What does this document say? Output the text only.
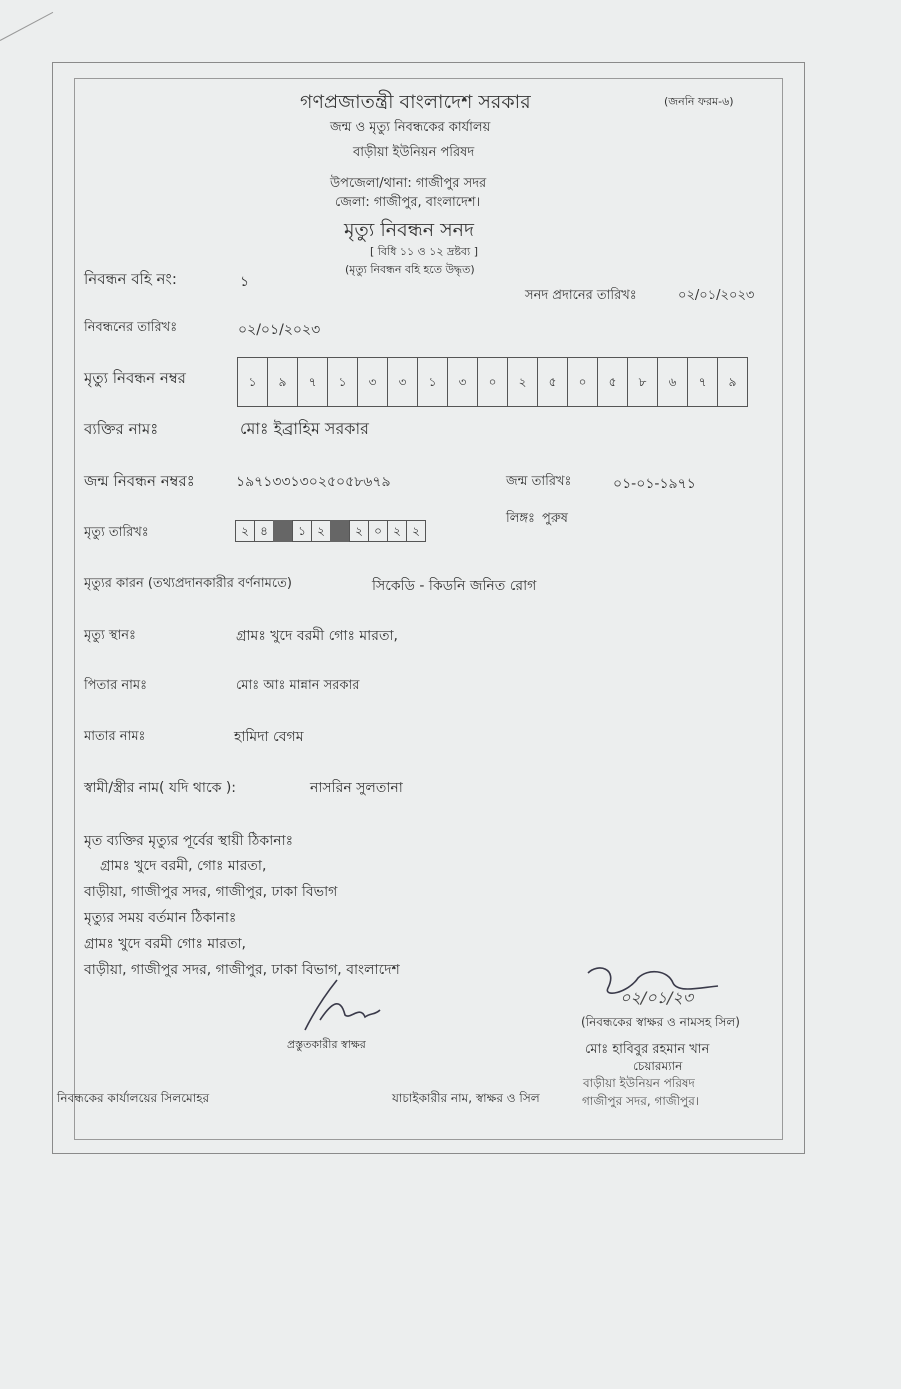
গণপ্রজাতন্ত্রী বাংলাদেশ সরকার	(জননি ফরম-৬)
জন্ম ও মৃত্যু নিবন্ধকের কার্যালয়
বাড়ীয়া ইউনিয়ন পরিষদ
উপজেলা/থানা: গাজীপুর সদর
জেলা: গাজীপুর, বাংলাদেশ।
মৃত্যু নিবন্ধন সনদ
[ বিধি ১১ ও ১২ দ্রষ্টব্য ]
(মৃত্যু নিবন্ধন বহি হতে উদ্ধৃত)
নিবন্ধন বহি নং:	১
সনদ প্রদানের তারিখঃ	০২/০১/২০২৩
নিবন্ধনের তারিখঃ	০২/০১/২০২৩
মৃত্যু নিবন্ধন নম্বর	১	৯	৭	১	৩	৩	১	৩	০	২	৫	০	৫	৮	৬	৭	৯
ব্যক্তির নামঃ	মোঃ ইব্রাহিম সরকার
জন্ম নিবন্ধন নম্বরঃ	১৯৭১৩৩১৩০২৫০৫৮৬৭৯	জন্ম তারিখঃ	০১-০১-১৯৭১
মৃত্যু তারিখঃ	২ ৪	১ ২	২ ০ ২ ২
লিঙ্গঃ পুরুষ
মৃত্যুর কারন (তথ্যপ্রদানকারীর বর্ণনামতে)	সিকেডি - কিডনি জনিত রোগ
মৃত্যু স্থানঃ	গ্রামঃ খুদে বরমী গোঃ মারতা,
পিতার নামঃ	মোঃ আঃ মান্নান সরকার
মাতার নামঃ	হামিদা বেগম
স্বামী/স্ত্রীর নাম( যদি থাকে ):	নাসরিন সুলতানা
মৃত ব্যক্তির মৃত্যুর পূর্বের স্থায়ী ঠিকানাঃ
গ্রামঃ খুদে বরমী, গোঃ মারতা,
বাড়ীয়া, গাজীপুর সদর, গাজীপুর, ঢাকা বিভাগ
মৃত্যুর সময় বর্তমান ঠিকানাঃ
গ্রামঃ খুদে বরমী গোঃ মারতা,
বাড়ীয়া, গাজীপুর সদর, গাজীপুর, ঢাকা বিভাগ, বাংলাদেশ
প্রস্তুতকারীর স্বাক্ষর
০২/০১/২৩
(নিবন্ধকের স্বাক্ষর ও নামসহ সিল)
মোঃ হাবিবুর রহমান খান
চেয়ারম্যান
বাড়ীয়া ইউনিয়ন পরিষদ
গাজীপুর সদর, গাজীপুর।
নিবন্ধকের কার্যালয়ের সিলমোহর	যাচাইকারীর নাম, স্বাক্ষর ও সিল
